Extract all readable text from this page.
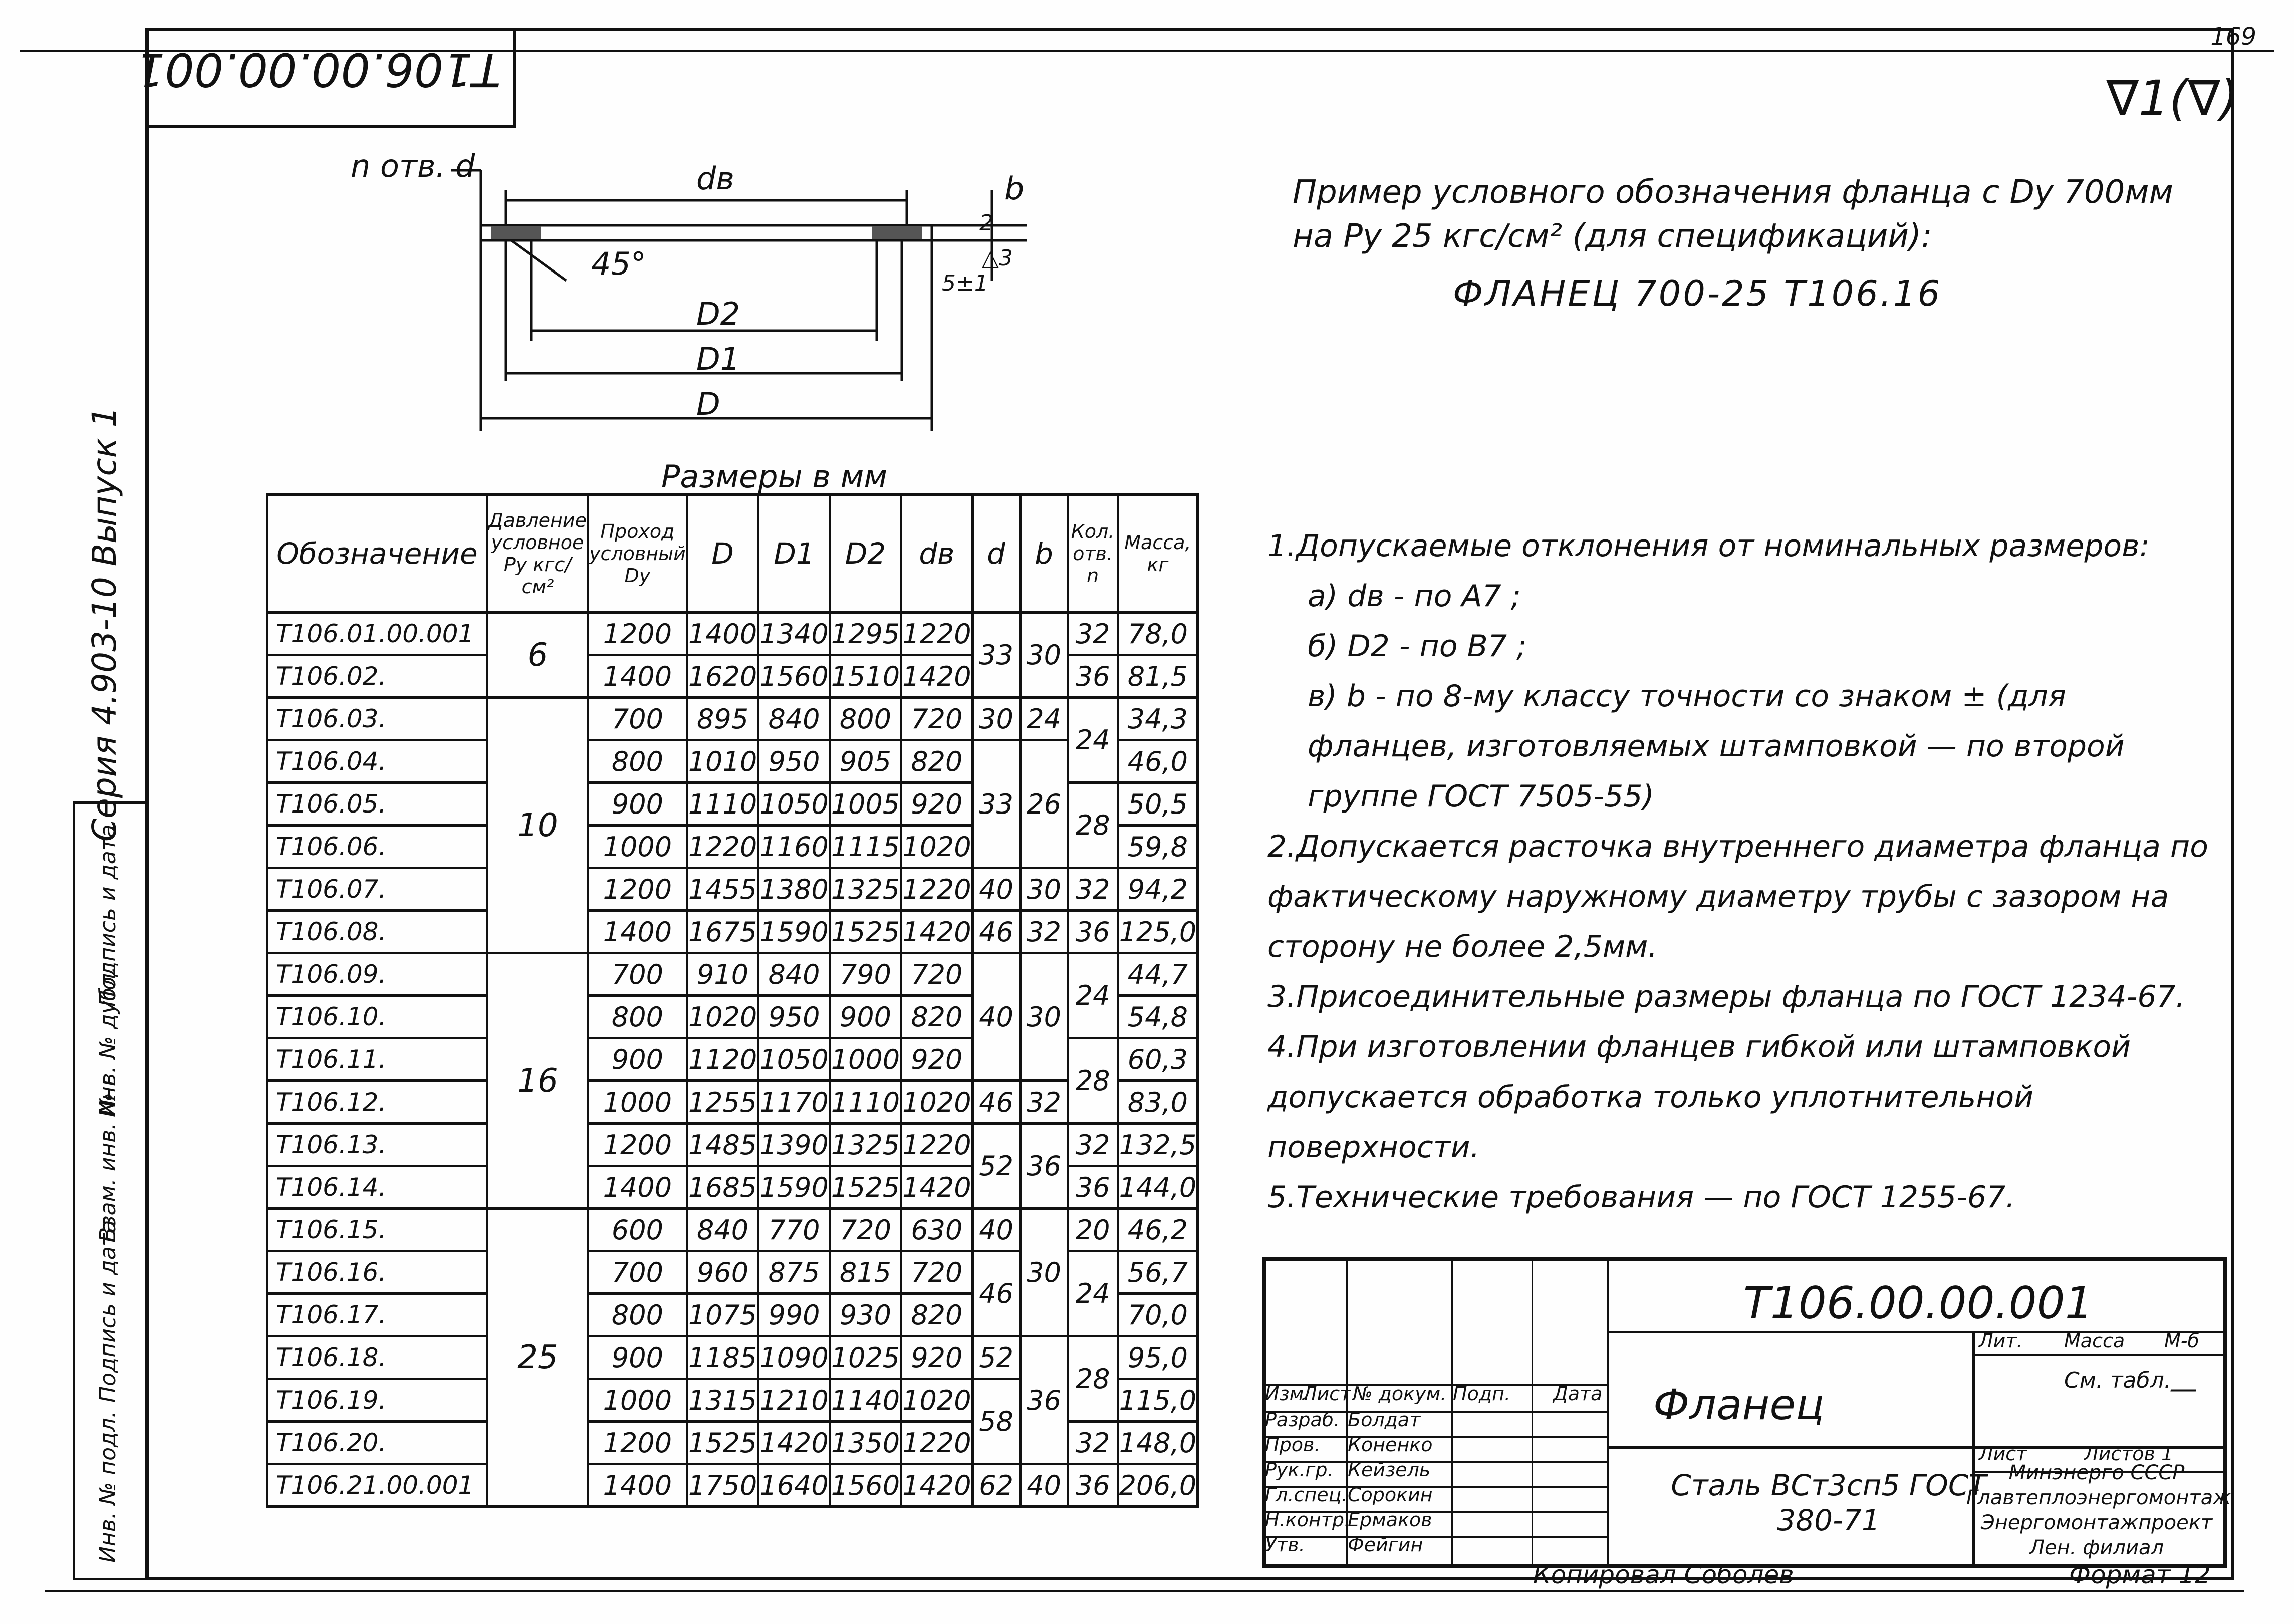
Т106.00.00.001
169
∇1(∇)
Серия 4.903-10 Выпуск 1
Подпись и дата
Инв. № дубл.
Взам. инв. №
Подпись и дата
Инв. № подл.
n отв. d	dв
45°
D2
D1
D
b
2
5±1
△3
Пример условного обозначения фланца с Dу 700мм на Ру 25 кгс/см² (для спецификаций):
ФЛАНЕЦ 700-25 Т106.16

1.Допускаемые отклонения от номинальных размеров:

а) dв - по А7 ;

б) D2 - по В7 ;

в) b - по 8-му классу точности со знаком ± (для фланцев, изготовляемых штамповкой — по второй группе ГОСТ 7505-55)

2.Допускается расточка внутреннего диаметра фланца по фактическому наружному диаметру трубы с зазором на сторону не более 2,5мм.

3.Присоединительные размеры фланца по ГОСТ 1234-67.

4.При изготовлении фланцев гибкой или штамповкой допускается обработка только уплотнительной поверхности.

5.Технические требования — по ГОСТ 1255-67.

Размеры в мм
Обозначение	Давление условное Ру кгс/см²	Проход условный Dу	D	D1	D2	dв	d	b	Кол. отв. n	Масса, кг
Т106.01.00.001	6	1200	1400	1340	1295	1220	33	30	32	78,0
Т106.02.		1400	1620	1560	1510	1420			36	81,5
Т106.03.	10	700	895	840	800	720	30	24	24	34,3
Т106.04.		800	1010	950	905	820	33	26		46,0
Т106.05.		900	1110	1050	1005	920			28	50,5
Т106.06.		1000	1220	1160	1115	1020				59,8
Т106.07.		1200	1455	1380	1325	1220	40	30	32	94,2
Т106.08.		1400	1675	1590	1525	1420	46	32	36	125,0
Т106.09.	16	700	910	840	790	720	40	30	24	44,7
Т106.10.		800	1020	950	900	820				54,8
Т106.11.		900	1120	1050	1000	920			28	60,3
Т106.12.		1000	1255	1170	1110	1020	46	32		83,0
Т106.13.		1200	1485	1390	1325	1220	52	36	32	132,5
Т106.14.		1400	1685	1590	1525	1420			36	144,0
Т106.15.	25	600	840	770	720	630	40	30	20	46,2
Т106.16.		700	960	875	815	720	46		24	56,7
Т106.17.		800	1075	990	930	820				70,0
Т106.18.		900	1185	1090	1025	920	52	36	28	95,0
Т106.19.		1000	1315	1210	1140	1020	58			115,0
Т106.20.		1200	1525	1420	1350	1220			32	148,0
Т106.21.00.001		1400	1750	1640	1560	1420	62	40	36	206,0
Т106.00.00.001
Фланец
Сталь ВСт3сп5 ГОСТ 380-71
Изм.
Лист № докум. Подп. Дата
Разраб. Болдат
Пров. Коненко
Рук.гр. Кейзель
Гл.спец. Сорокин
Н.контр.
Ермаков
Утв. Фейгин
Лит. Масса М-б
См. табл.
—
Лист	Листов 1
Минэнерго СССР Главтеплоэнергомонтаж Энергомонтажпроект Лен. филиал
Копировал Соболев	Формат 12
